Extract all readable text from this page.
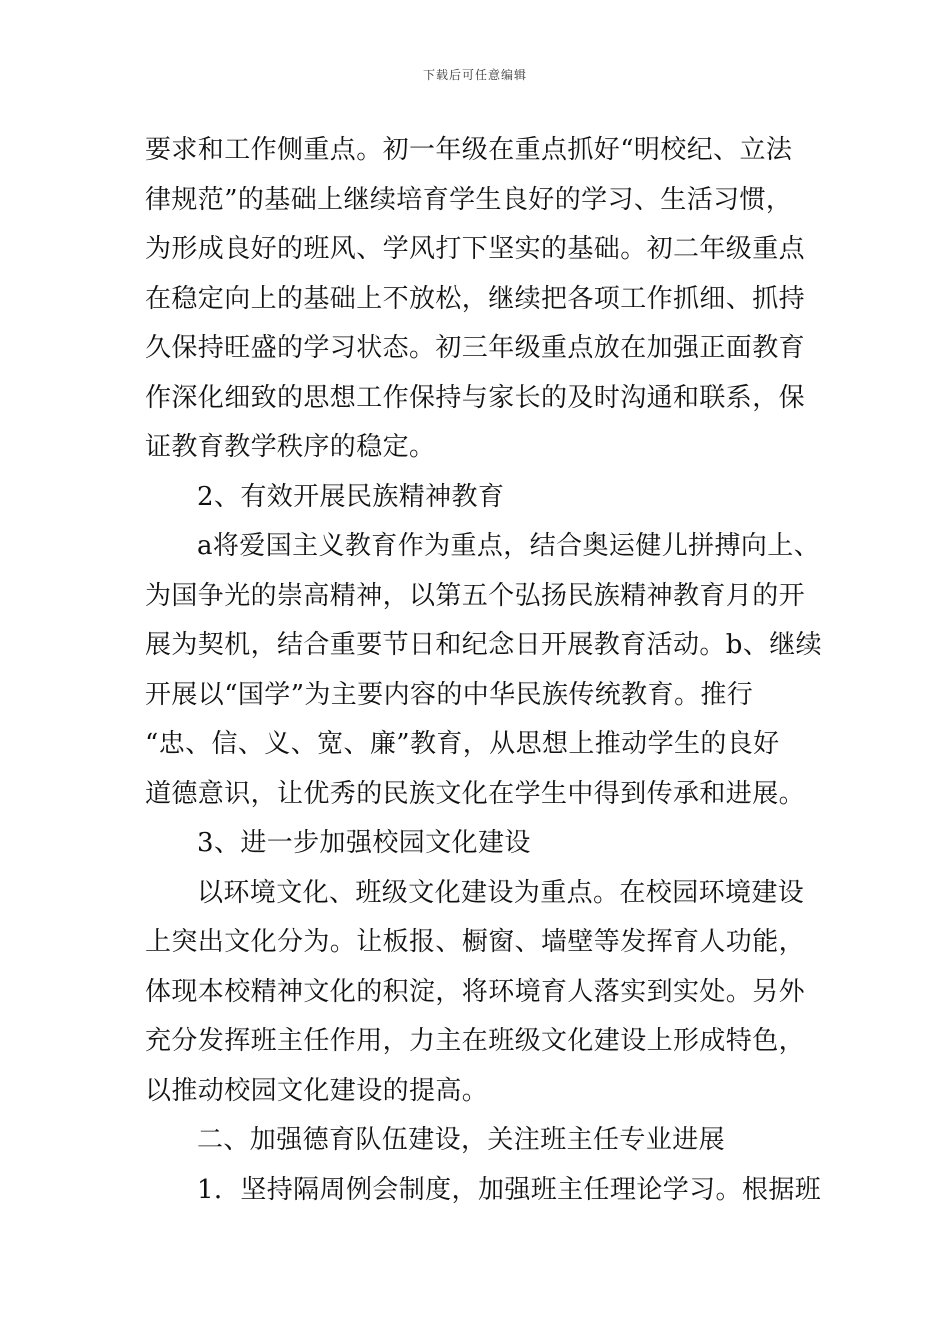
下载后可任意编辑
要求和工作侧重点。初一年级在重点抓好“明校纪、立法
律规范”的基础上继续培育学生良好的学习、生活习惯，
为形成良好的班风、学风打下坚实的基础。初二年级重点
在稳定向上的基础上不放松，继续把各项工作抓细、抓持
久保持旺盛的学习状态。初三年级重点放在加强正面教育
作深化细致的思想工作保持与家长的及时沟通和联系，保
证教育教学秩序的稳定。
2、有效开展民族精神教育
a将爱国主义教育作为重点，结合奥运健儿拼搏向上、
为国争光的崇高精神，以第五个弘扬民族精神教育月的开
展为契机，结合重要节日和纪念日开展教育活动。b、继续
开展以“国学”为主要内容的中华民族传统教育。推行
“忠、信、义、宽、廉”教育，从思想上推动学生的良好
道德意识，让优秀的民族文化在学生中得到传承和进展。
3、进一步加强校园文化建设
以环境文化、班级文化建设为重点。在校园环境建设
上突出文化分为。让板报、橱窗、墙壁等发挥育人功能，
体现本校精神文化的积淀，将环境育人落实到实处。另外
充分发挥班主任作用，力主在班级文化建设上形成特色，
以推动校园文化建设的提高。
二、加强德育队伍建设，关注班主任专业进展
1．坚持隔周例会制度，加强班主任理论学习。根据班
